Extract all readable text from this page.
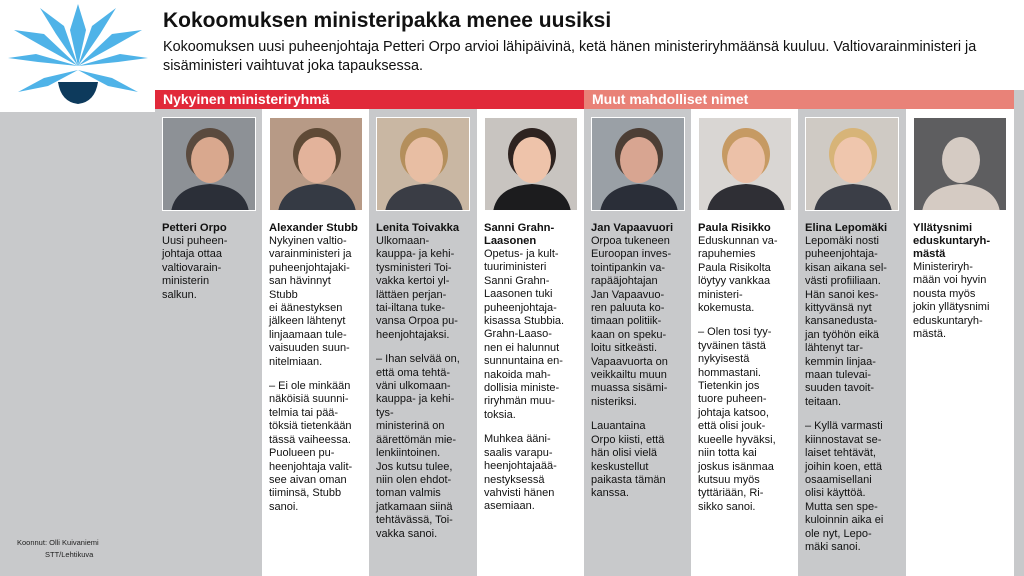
Koonnut: Olli Kuivaniemi
STT/Lehtikuva
Kokoomuksen ministeripakka menee uusiksi
Kokoomuksen uusi puheenjohtaja Petteri Orpo arvioi lähipäivinä, ketä hänen ministeriryhmäänsä kuuluu. Valtiovarainministeri ja sisäministeri vaihtuvat joka tapauksessa.
Nykyinen ministeriryhmä	Muut mahdolliset nimet
Petteri Orpo
Uusi puheen-
johtaja ottaa
valtiovarain-
ministerin
salkun.
Alexander Stubb
Nykyinen valtio-
varainministeri ja
puheenjohtajaki-
san hävinnyt
Stubb
ei äänestyksen
jälkeen lähtenyt
linjaamaan tule-
vaisuuden suun-
nitelmiaan.
– Ei ole minkään
näköisiä suunni-
telmia tai pää-
töksiä tietenkään
tässä vaiheessa.
Puolueen pu-
heenjohtaja valit-
see aivan oman
tiiminsä, Stubb
sanoi.
Lenita Toivakka
Ulkomaan-
kauppa- ja kehi-
tysministeri Toi-
vakka kertoi yl-
lättäen perjan-
tai-iltana tuke-
vansa Orpoa pu-
heenjohtajaksi.
– Ihan selvää on,
että oma tehtä-
väni ulkomaan-
kauppa- ja kehi-
tys-
ministerinä on
äärettömän mie-
lenkiintoinen.
Jos kutsu tulee,
niin olen ehdot-
toman valmis
jatkamaan siinä
tehtävässä, Toi-
vakka sanoi.
Sanni Grahn-
Laasonen
Opetus- ja kult-
tuuriministeri
Sanni Grahn-
Laasonen tuki
puheenjohtaja-
kisassa Stubbia.
Grahn-Laaso-
nen ei halunnut
sunnuntaina en-
nakoida mah-
dollisia ministe-
riryhmän muu-
toksia.
Muhkea ääni-
saalis varapu-
heenjohtajaää-
nestyksessä
vahvisti hänen
asemiaan.
Jan Vapaavuori
Orpoa tukeneen
Euroopan inves-
tointipankin va-
rapääjohtajan
Jan Vapaavuo-
ren paluuta ko-
timaan politiik-
kaan on speku-
loitu sitkeästi.
Vapaavuorta on
veikkailtu muun
muassa sisämi-
nisteriksi.
Lauantaina
Orpo kiisti, että
hän olisi vielä
keskustellut
paikasta tämän
kanssa.
Paula Risikko
Eduskunnan va-
rapuhemies
Paula Risikolta
löytyy vankkaa
ministeri-
kokemusta.
– Olen tosi tyy-
tyväinen tästä
nykyisestä
hommastani.
Tietenkin jos
tuore puheen-
johtaja katsoo,
että olisi jouk-
kueelle hyväksi,
niin totta kai
joskus isänmaa
kutsuu myös
tyttäriään, Ri-
sikko sanoi.
Elina Lepomäki
Lepomäki nosti
puheenjohtaja-
kisan aikana sel-
västi profiiliaan.
Hän sanoi kes-
kittyvänsä nyt
kansanedusta-
jan työhön eikä
lähtenyt tar-
kemmin linjaa-
maan tulevai-
suuden tavoit-
teitaan.
– Kyllä varmasti
kiinnostavat se-
laiset tehtävät,
joihin koen, että
osaamisellani
olisi käyttöä.
Mutta sen spe-
kuloinnin aika ei
ole nyt, Lepo-
mäki sanoi.
Yllätysnimi
eduskuntaryh-
mästä
Ministeriryh-
mään voi hyvin
nousta myös
jokin yllätysnimi
eduskuntaryh-
mästä.
